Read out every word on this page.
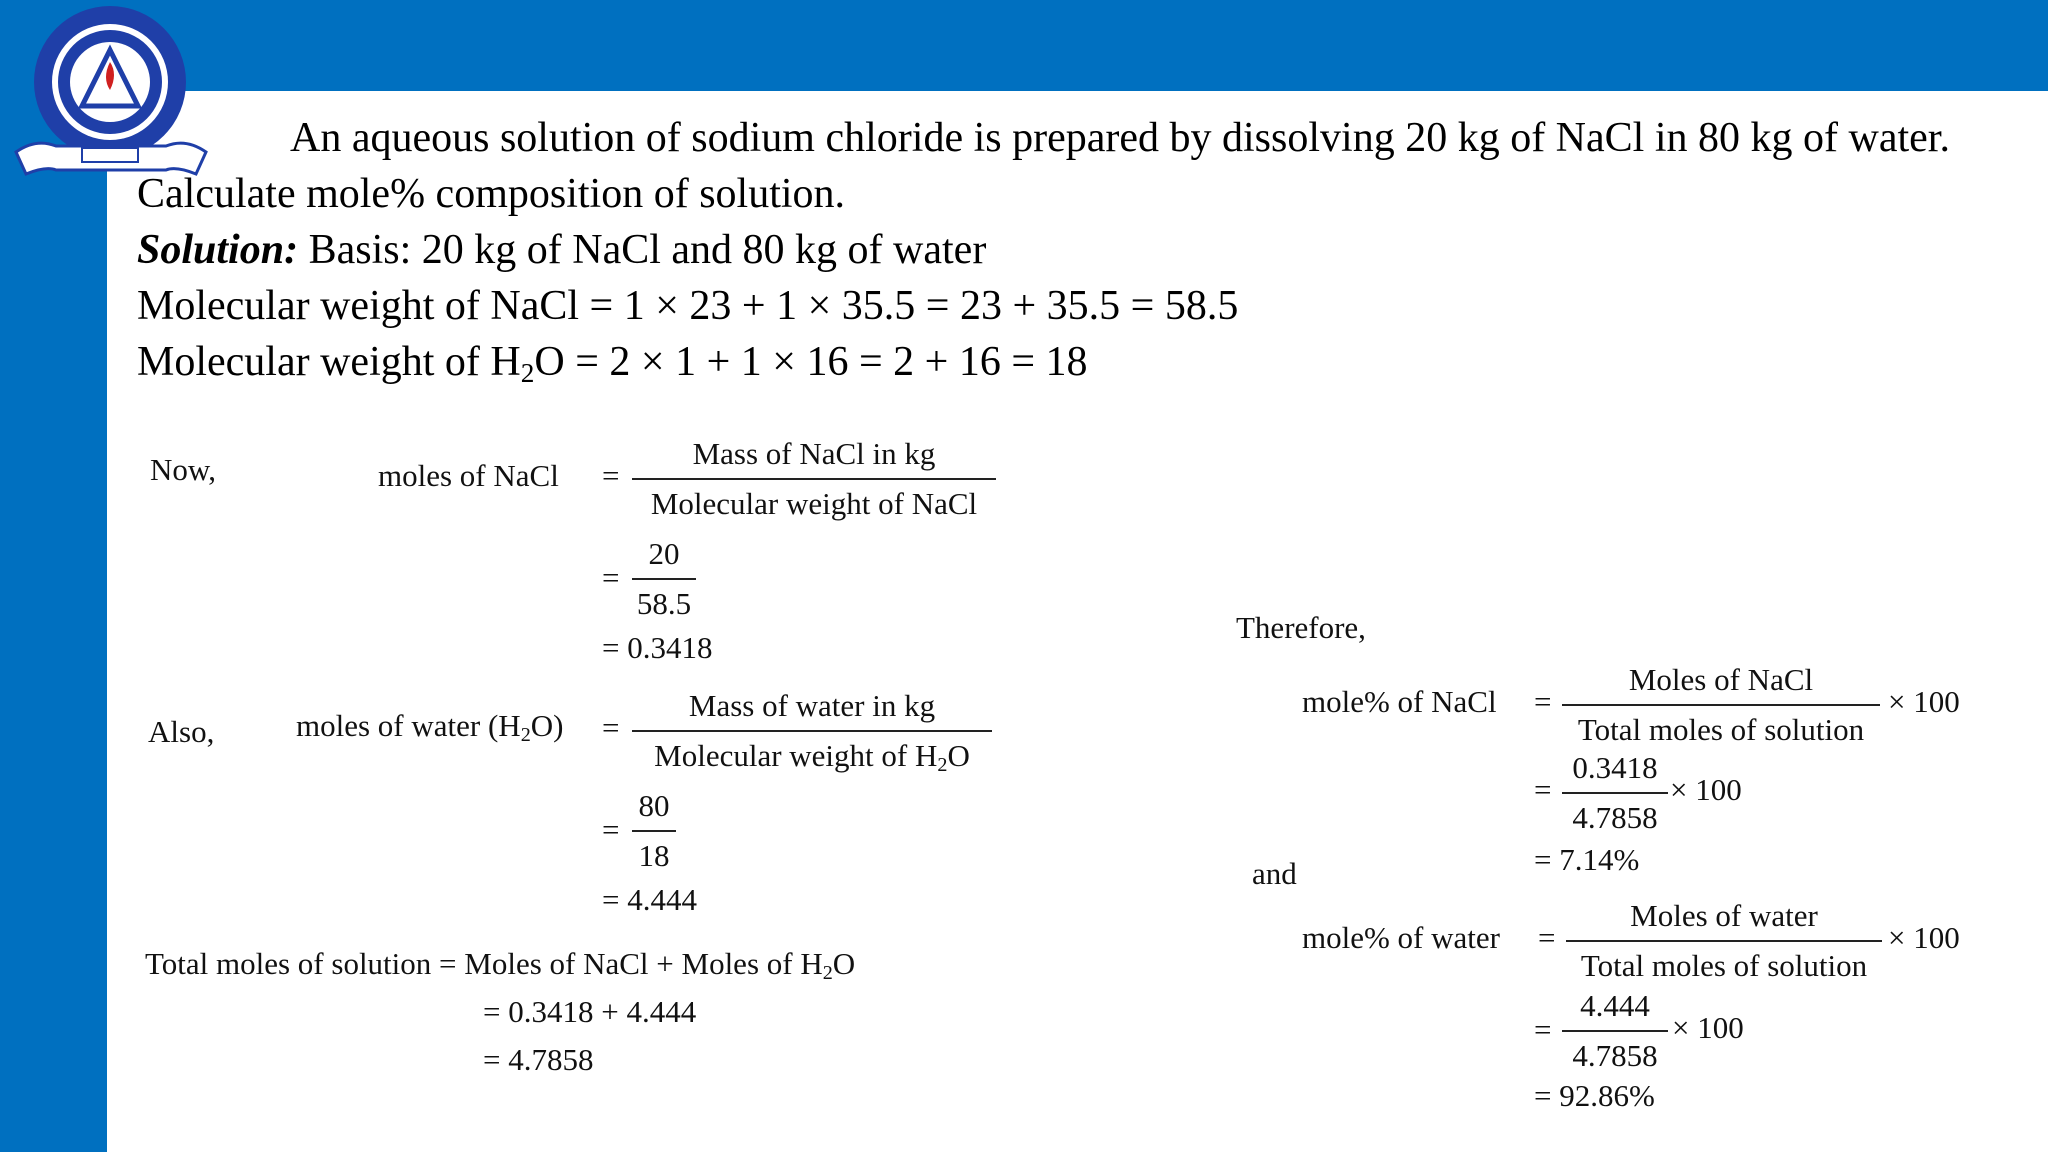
An aqueous solution of sodium chloride is prepared by dissolving 20 kg of NaCl in 80 kg of water. Calculate mole% composition of solution.
Solution: Basis: 20 kg of NaCl and 80 kg of water
Molecular weight of NaCl = 1 × 23 + 1 × 35.5 = 23 + 35.5 = 58.5
Molecular weight of $H_2O = 2 \times 1 + 1 \times 16 = 2 + 16 = 18$
Now,	moles of NaCl =
Mass of NaCl in kg
Molecular weight of NaCl
= $\frac{20}{58.5}$
= 0.3418
Also,	moles of water $(H_2O)$ =
Mass of water in kg
Molecular weight of $H_2O$
= $\frac{80}{18}$
= 4.444
Total moles of solution = Moles of NaCl + Moles of $H_2O$
= 0.3418 + 4.444
= 4.7858
Therefore,
mole% of NaCl =
Moles of NaCl
Total moles of solution
× 100
= $\frac{0.3418}{4.7858} \times 100$
= 7.14%
and
mole% of water =
Moles of water
Total moles of solution
× 100
= $\frac{4.444}{4.7858} \times 100$
= 92.86%
